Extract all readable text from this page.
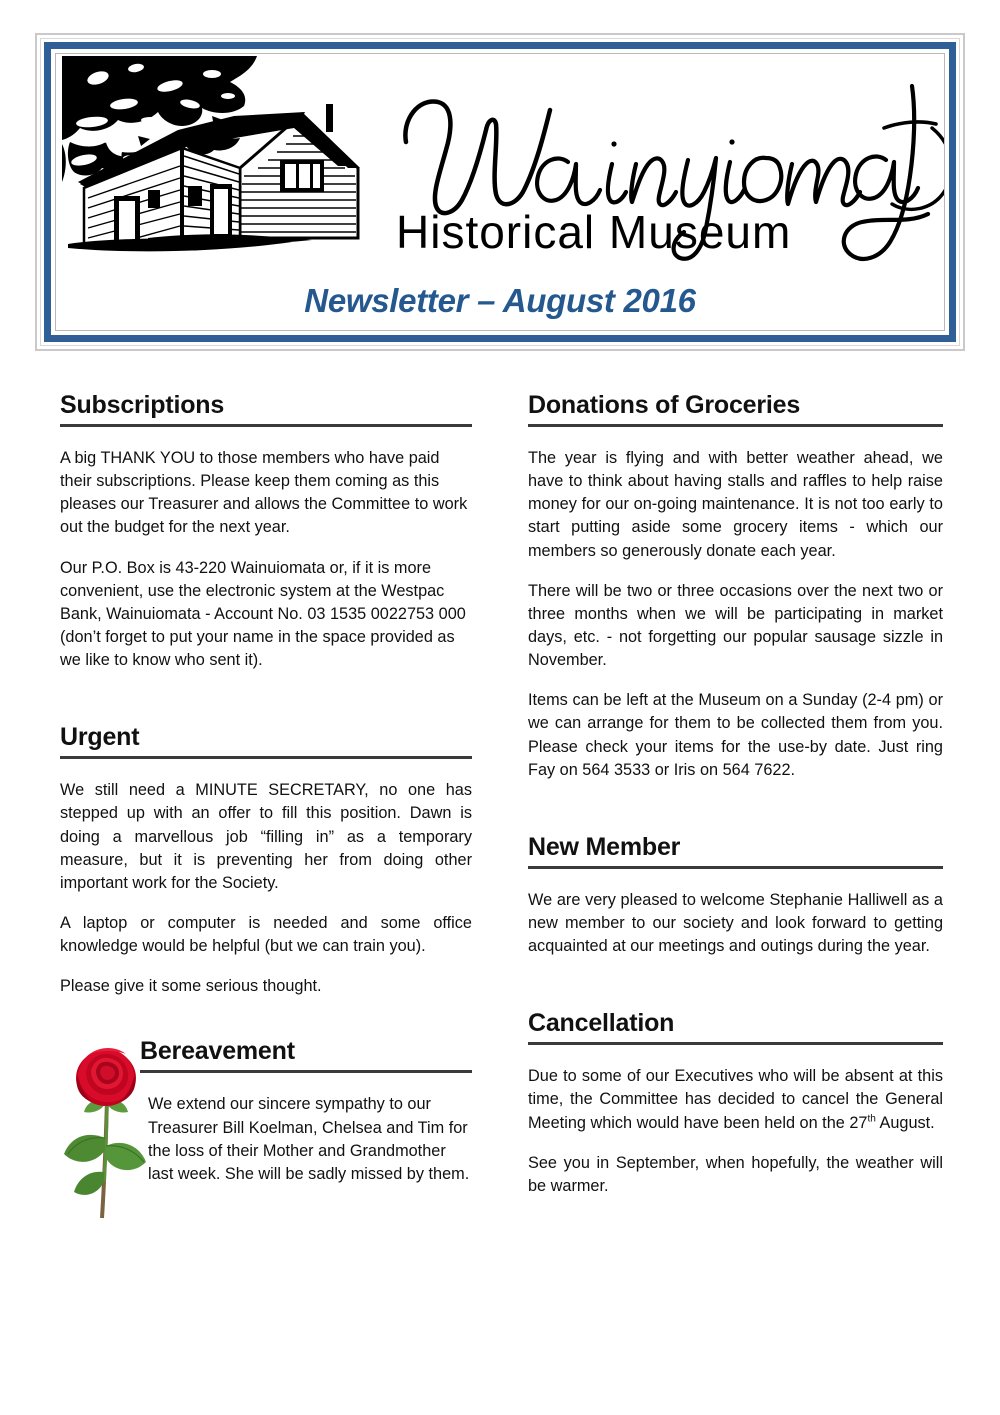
Historical Museum
Newsletter – August 2016
Subscriptions

A big THANK YOU to those members who have paid their subscriptions. Please keep them coming as this pleases our Treasurer and allows the Committee to work out the budget for the next year.

Our P.O. Box is 43-220 Wainuiomata or, if it is more convenient, use the electronic system at the Westpac Bank, Wainuiomata - Account No. 03 1535 0022753 000 (don’t forget to put your name in the space provided as we like to know who sent it).

Urgent

We still need a MINUTE SECRETARY, no one has stepped up with an offer to fill this position. Dawn is doing a marvellous job “filling in” as a temporary measure, but it is preventing her from doing other important work for the Society.

A laptop or computer is needed and some office knowledge would be helpful (but we can train you).

Please give it some serious thought.

Bereavement

We extend our sincere sympathy to our Treasurer Bill Koelman, Chelsea and Tim for the loss of their Mother and Grandmother last week. She will be sadly missed by them.

Donations of Groceries

The year is flying and with better weather ahead, we have to think about having stalls and raffles to help raise money for our on-going maintenance. It is not too early to start putting aside some grocery items - which our members so generously donate each year.

There will be two or three occasions over the next two or three months when we will be participating in market days, etc. - not forgetting our popular sausage sizzle in November.

Items can be left at the Museum on a Sunday (2-4 pm) or we can arrange for them to be collected them from you. Please check your items for the use-by date. Just ring Fay on 564 3533 or Iris on 564 7622.

New Member

We are very pleased to welcome Stephanie Halliwell as a new member to our society and look forward to getting acquainted at our meetings and outings during the year.

Cancellation

Due to some of our Executives who will be absent at this time, the Committee has decided to cancel the General Meeting which would have been held on the 27th August.

See you in September, when hopefully, the weather will be warmer.
